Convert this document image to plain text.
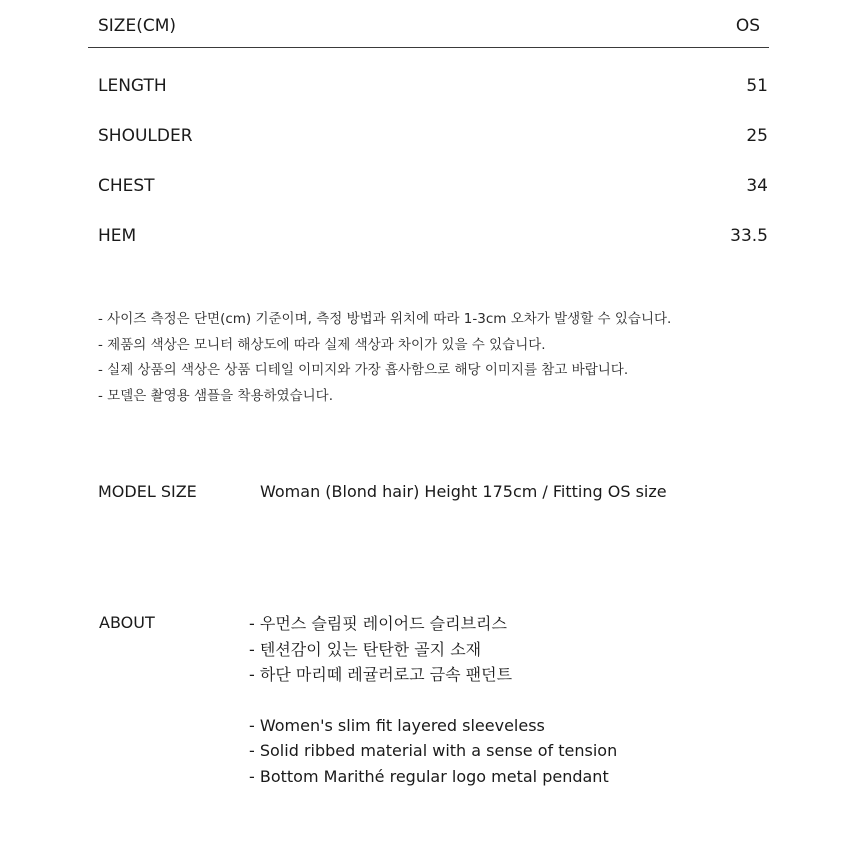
SIZE(CM)	OS
LENGTH	51
SHOULDER	25
CHEST	34
HEM	33.5
- 사이즈 측정은 단면(cm) 기준이며, 측정 방법과 위치에 따라 1-3cm 오차가 발생할 수 있습니다.
- 제품의 색상은 모니터 해상도에 따라 실제 색상과 차이가 있을 수 있습니다.
- 실제 상품의 색상은 상품 디테일 이미지와 가장 흡사함으로 해당 이미지를 참고 바랍니다.
- 모델은 촬영용 샘플을 착용하였습니다.
MODEL SIZE	Woman (Blond hair) Height 175cm / Fitting OS size
ABOUT	- 우먼스 슬림핏 레이어드 슬리브리스
- 텐션감이 있는 탄탄한 골지 소재
- 하단 마리떼 레귤러로고 금속 팬던트
- Women's slim fit layered sleeveless
- Solid ribbed material with a sense of tension
- Bottom Marithé regular logo metal pendant
